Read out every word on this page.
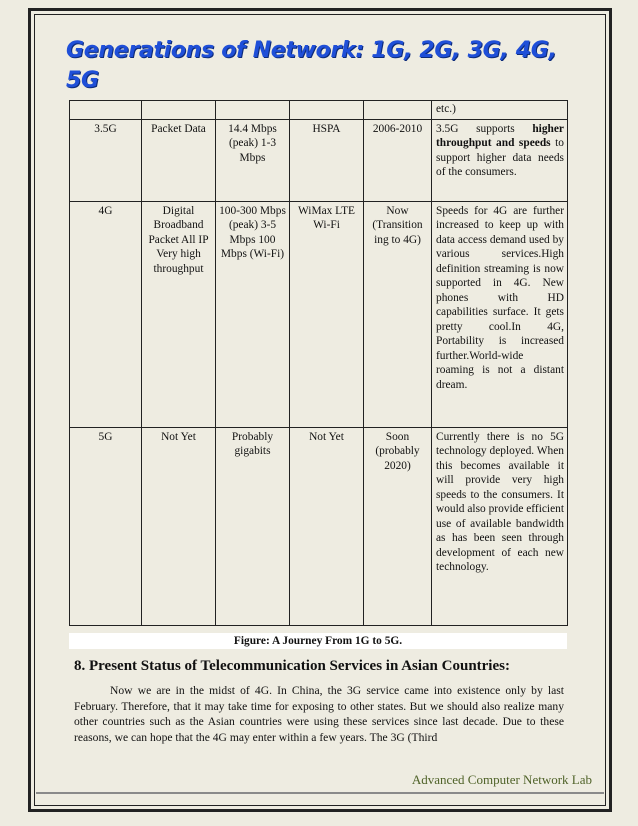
Generations of Network: 1G, 2G, 3G, 4G, 5G
					etc.)
3.5G	Packet Data	14.4 Mbps (peak) 1-3 Mbps	HSPA	2006-2010	3.5G supports higher throughput and speeds to support higher data needs of the consumers.
4G	Digital Broadband Packet All IP Very high throughput	100-300 Mbps (peak) 3-5 Mbps 100 Mbps (Wi-Fi)	WiMax LTE Wi-Fi	Now (Transition ing to 4G)	Speeds for 4G are further increased to keep up with data access demand used by various services.High definition streaming is now supported in 4G. New phones with HD capabilities surface. It gets pretty cool.In 4G, Portability is increased further.World-wide roaming is not a distant dream.
5G	Not Yet	Probably gigabits	Not Yet	Soon (probably 2020)	Currently there is no 5G technology deployed. When this becomes available it will provide very high speeds to the consumers. It would also provide efficient use of available bandwidth as has been seen through development of each new technology.
Figure: A Journey From 1G to 5G.
8. Present Status of Telecommunication Services in Asian Countries:
Now we are in the midst of 4G. In China, the 3G service came into existence only by last February. Therefore, that it may take time for exposing to other states. But we should also realize many other countries such as the Asian countries were using these services since last decade. Due to these reasons, we can hope that the 4G may enter within a few years. The 3G (Third
Advanced Computer Network Lab
